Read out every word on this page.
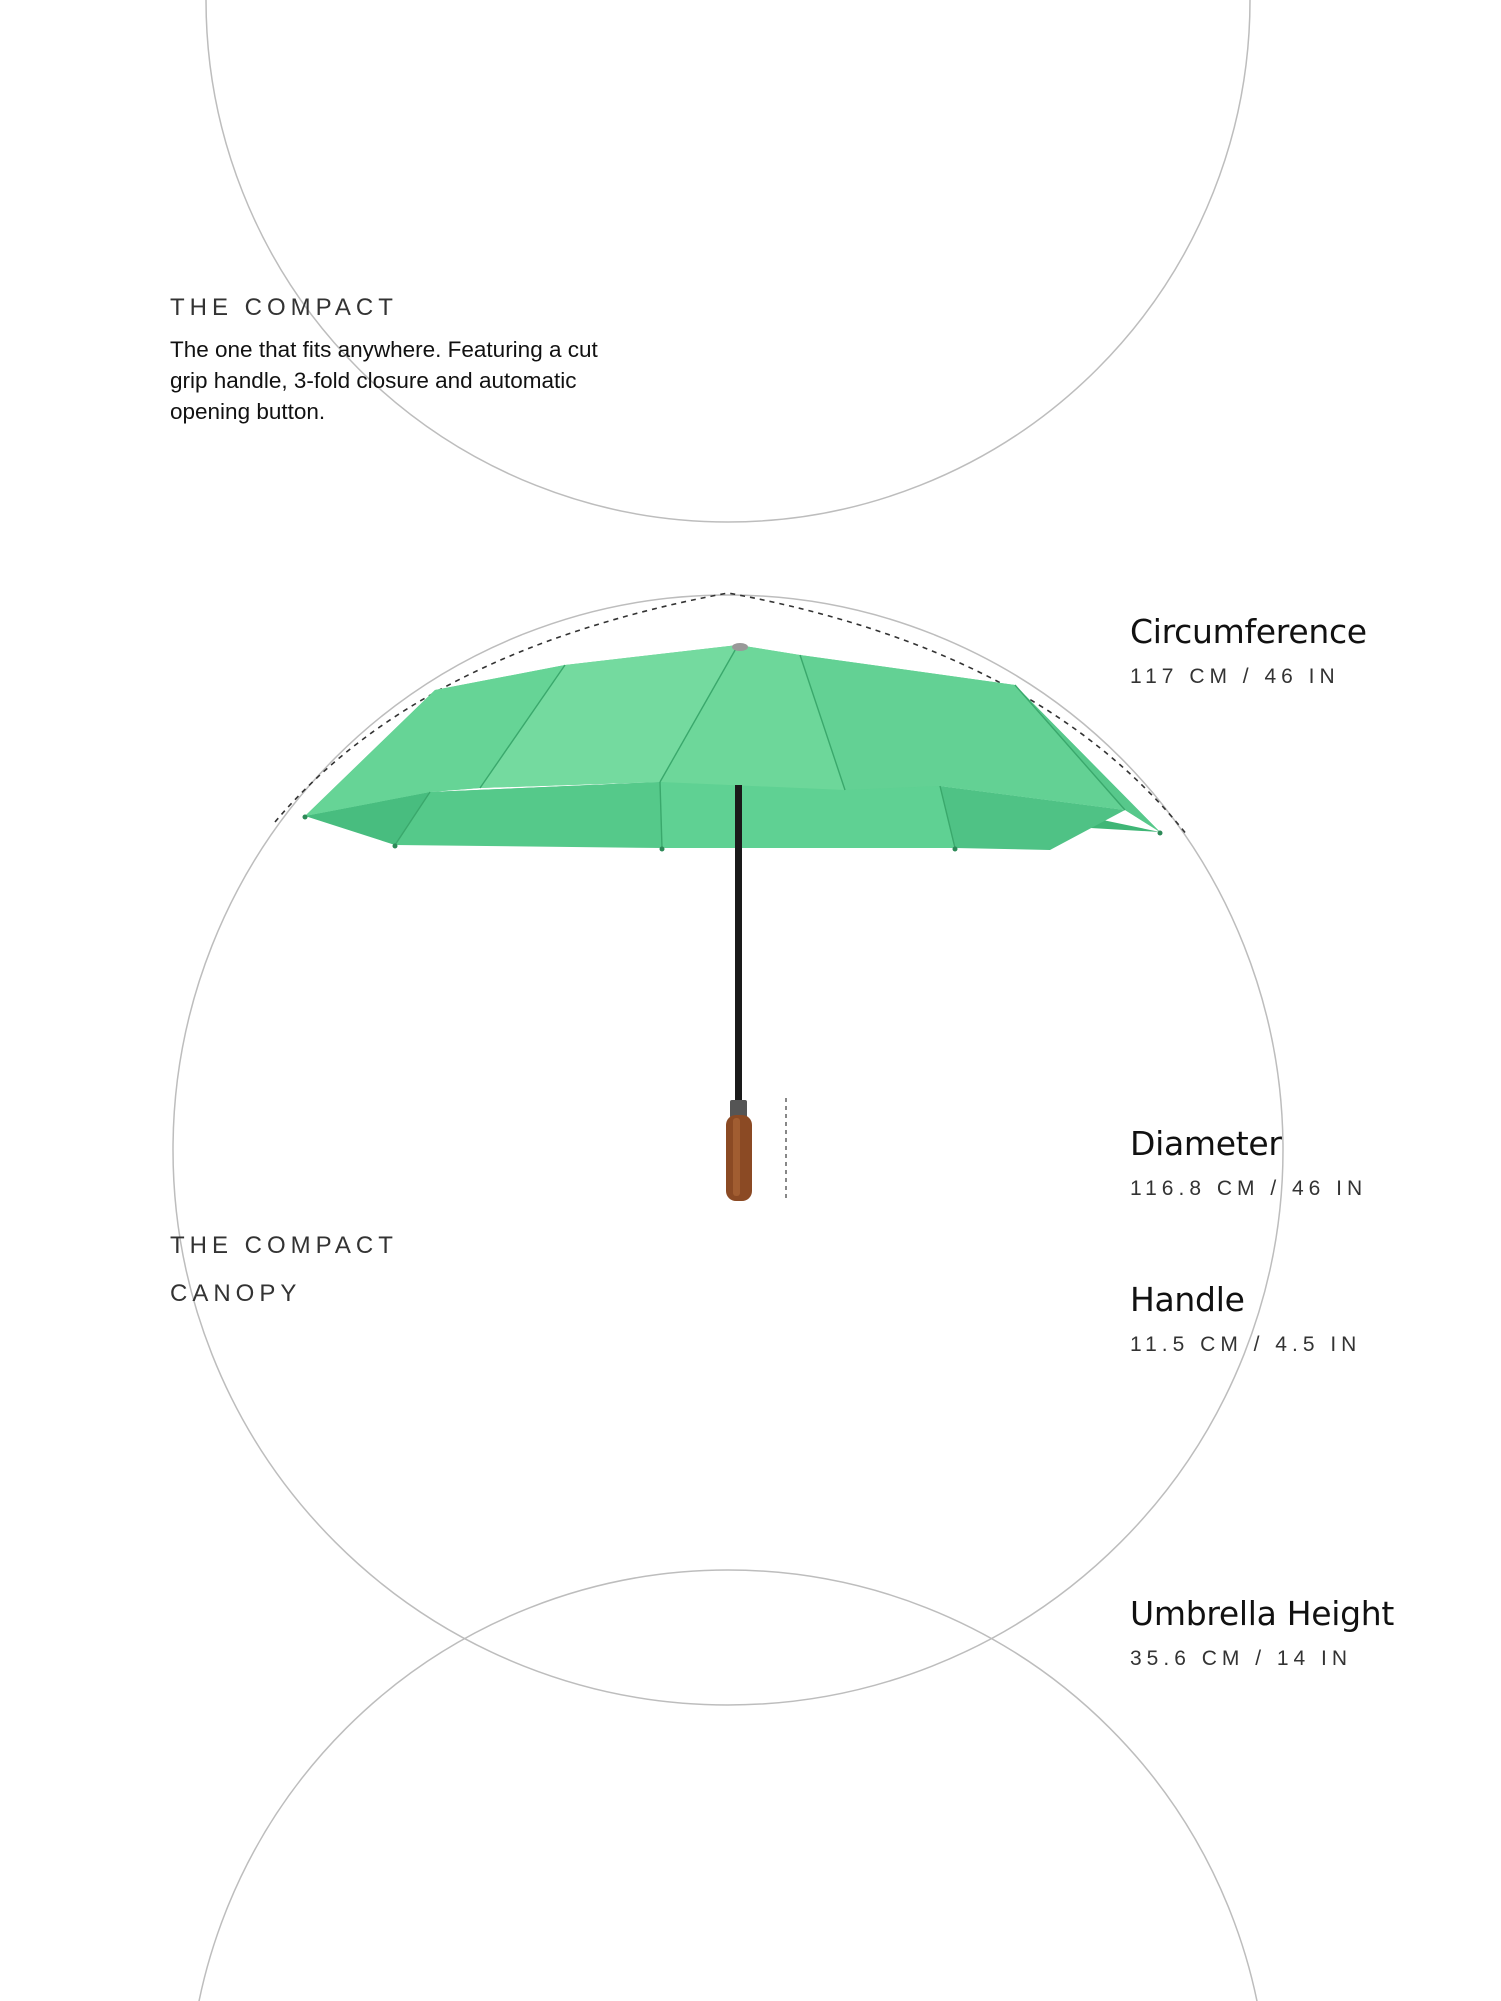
THE COMPACT

The one that fits anywhere. Featuring a cut grip handle, 3-fold closure and automatic opening button.

THE COMPACT
CANOPY

Circumference

117 CM / 46 IN

Diameter

116.8 CM / 46 IN

Handle

11.5 CM / 4.5 IN

Umbrella Height

35.6 CM / 14 IN
